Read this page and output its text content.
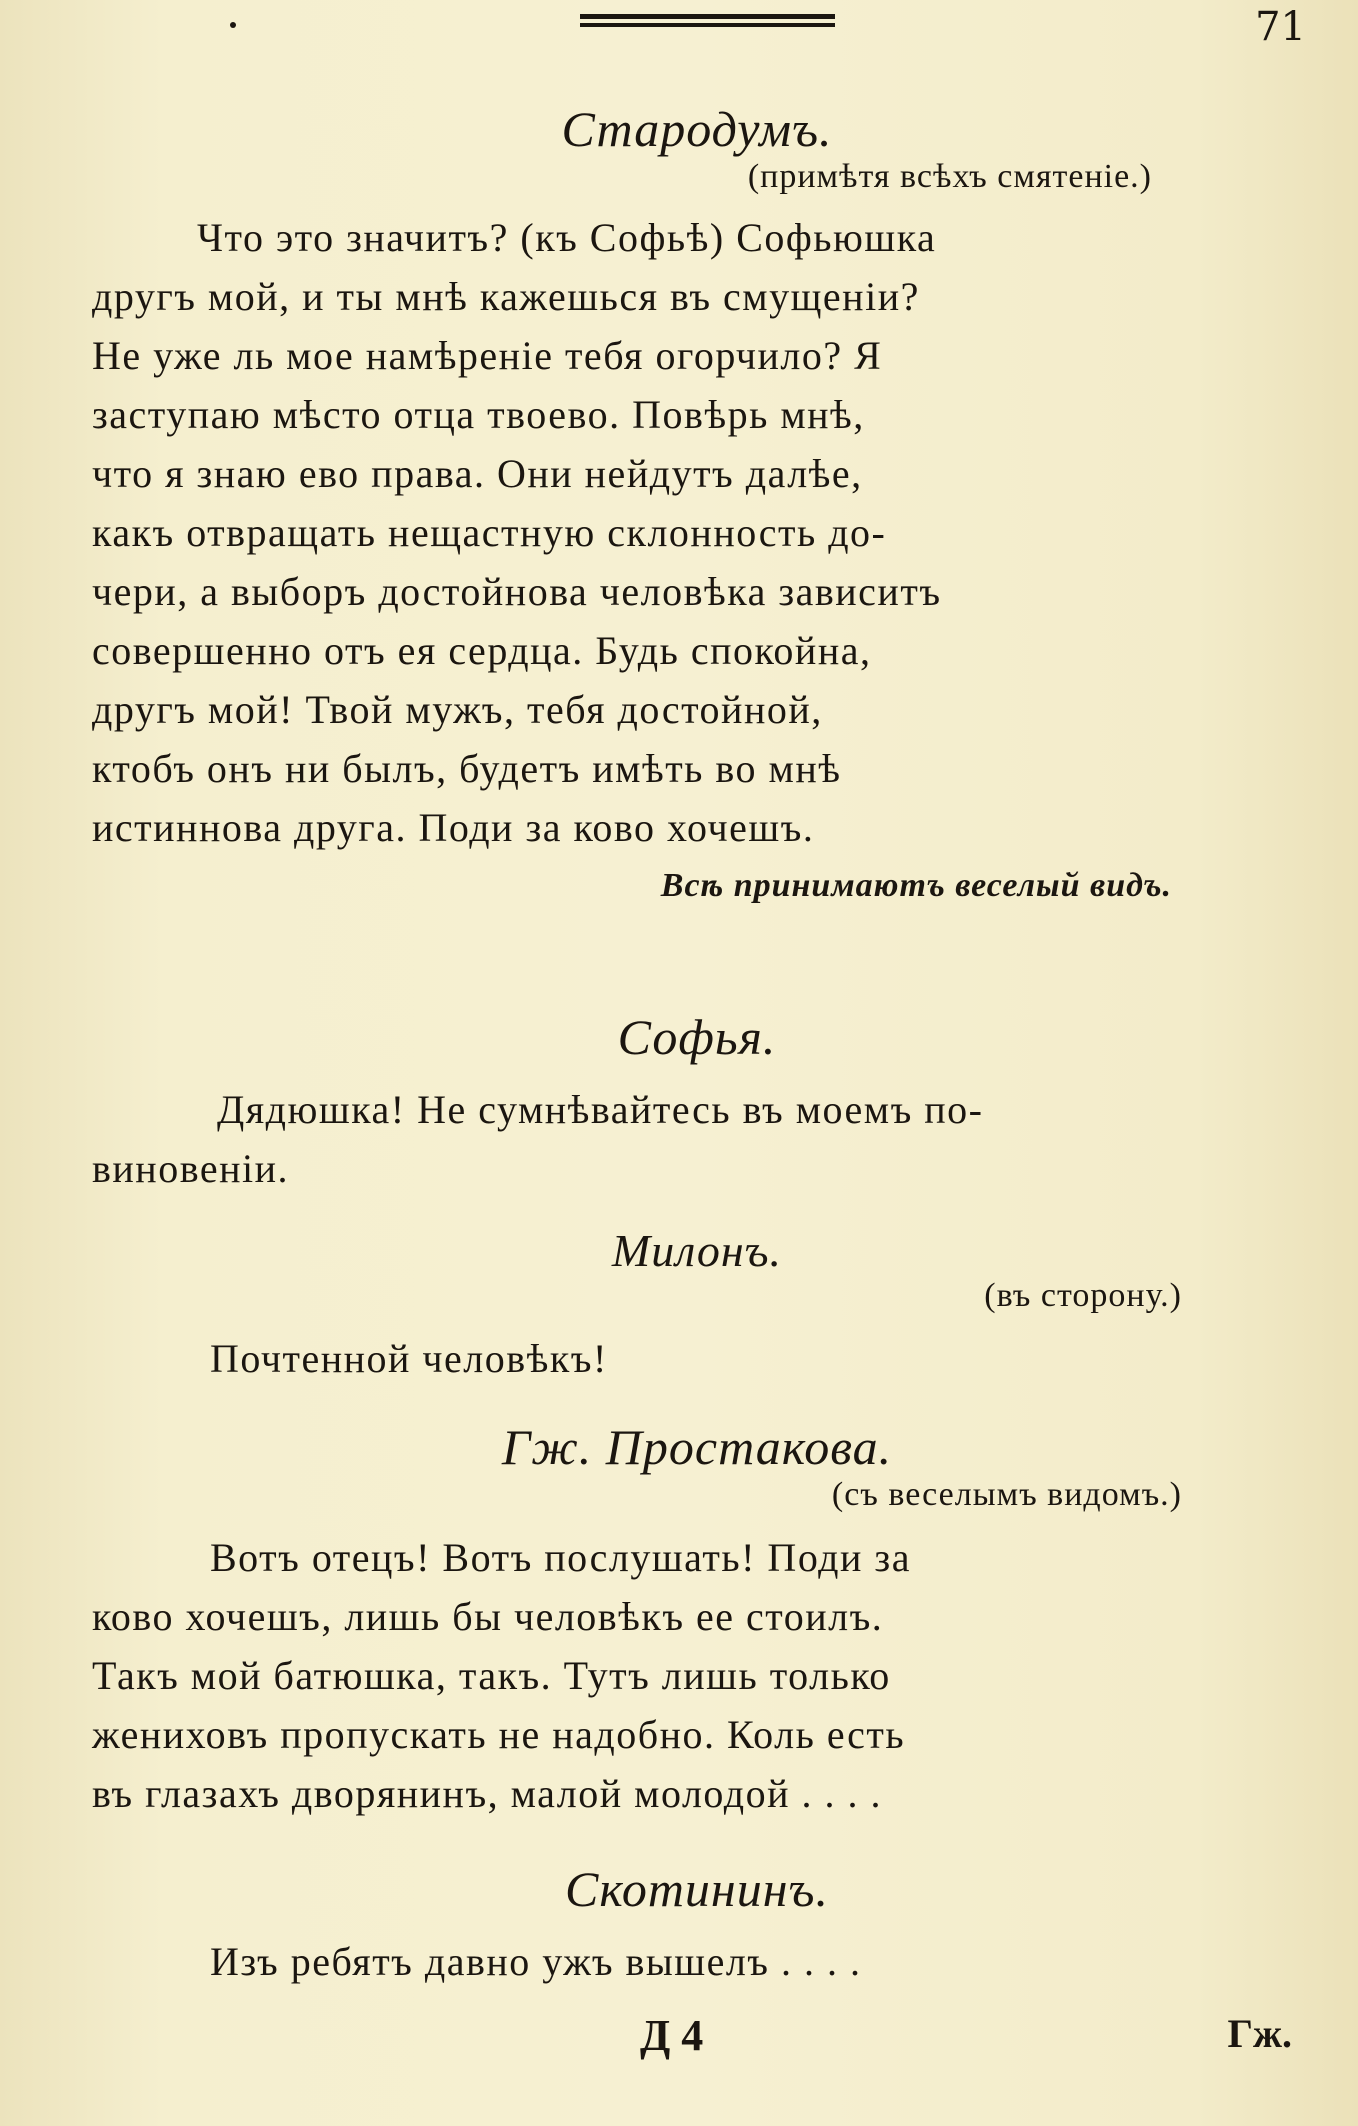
71
Стародумъ.
(примѣтя всѣхъ смятенiе.)

Что это значитъ? (къ Софьѣ) Софьюшка

другъ мой, и ты мнѣ кажешься въ смущенiи?

Не уже ль мое намѣренiе тебя огорчило? Я

заступаю мѣсто отца твоево. Повѣрь мнѣ,

что я знаю ево права. Они нейдутъ далѣе,

какъ отвращать нещастную склонность до-

чери, а выборъ достойнова человѣка зависитъ

совершенно отъ ея сердца. Будь спокойна,

другъ мой! Твой мужъ, тебя достойной,

ктобъ онъ ни былъ, будетъ имѣть во мнѣ

истиннова друга. Поди за ково хочешъ.

Всѣ принимаютъ веселый видъ.
Софья.

Дядюшка! Не сумнѣвайтесь въ моемъ по-

виновенiи.

Милонъ.
(въ сторону.)

Почтенной человѣкъ!

Гж. Простакова.
(съ веселымъ видомъ.)

Вотъ отецъ! Вотъ послушать! Поди за

ково хочешъ, лишь бы человѣкъ ее стоилъ.

Такъ мой батюшка, такъ. Тутъ лишь только

жениховъ пропускать не надобно. Коль есть

въ глазахъ дворянинъ, малой молодой . . . .

Скотининъ.

Изъ ребятъ давно ужъ вышелъ . . . .

Д 4	Гж.
